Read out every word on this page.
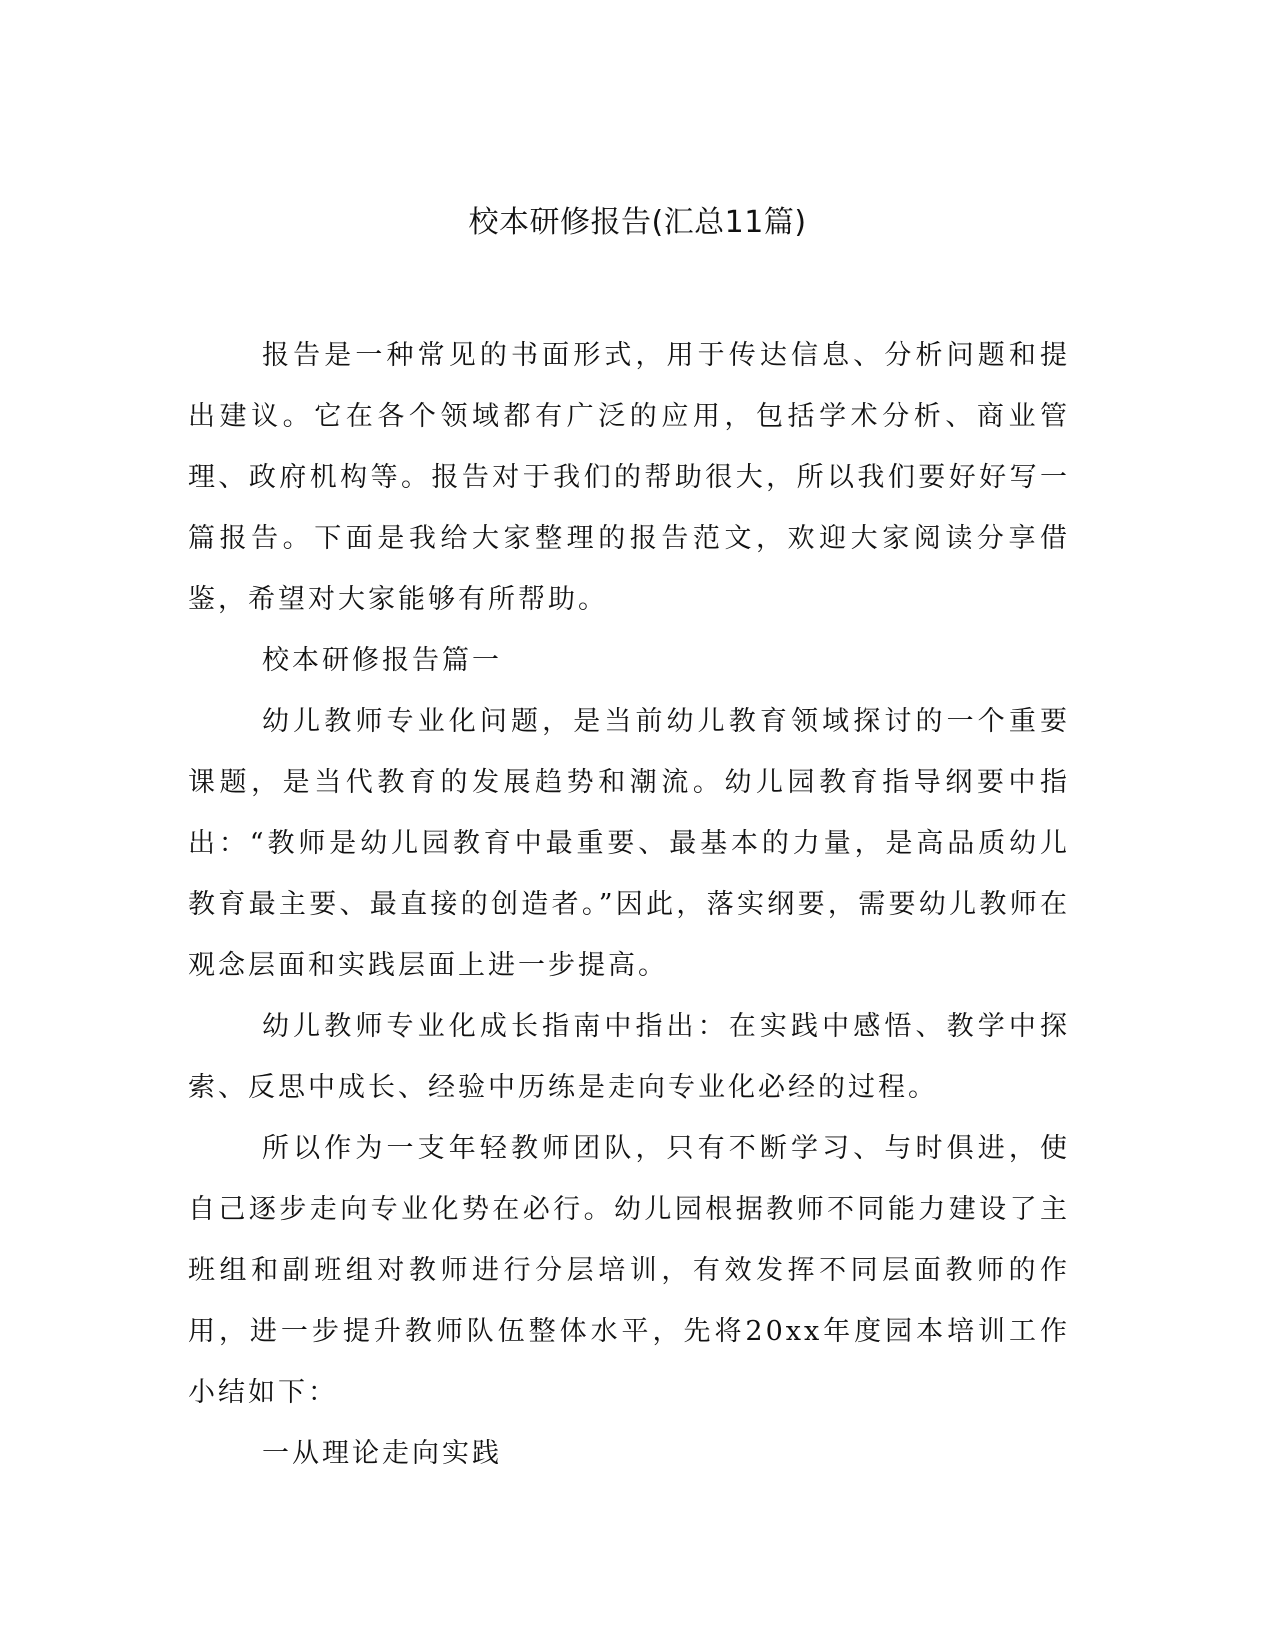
校本研修报告(汇总11篇)

报告是一种常见的书面形式，用于传达信息、分析问题和提出建议。它在各个领域都有广泛的应用，包括学术分析、商业管理、政府机构等。报告对于我们的帮助很大，所以我们要好好写一篇报告。下面是我给大家整理的报告范文，欢迎大家阅读分享借鉴，希望对大家能够有所帮助。

校本研修报告篇一

幼儿教师专业化问题，是当前幼儿教育领域探讨的一个重要课题，是当代教育的发展趋势和潮流。幼儿园教育指导纲要中指出：“教师是幼儿园教育中最重要、最基本的力量，是高品质幼儿教育最主要、最直接的创造者。”因此，落实纲要，需要幼儿教师在观念层面和实践层面上进一步提高。

幼儿教师专业化成长指南中指出：在实践中感悟、教学中探索、反思中成长、经验中历练是走向专业化必经的过程。

所以作为一支年轻教师团队，只有不断学习、与时俱进，使自己逐步走向专业化势在必行。幼儿园根据教师不同能力建设了主班组和副班组对教师进行分层培训，有效发挥不同层面教师的作用，进一步提升教师队伍整体水平，先将20xx年度园本培训工作小结如下：

一从理论走向实践
